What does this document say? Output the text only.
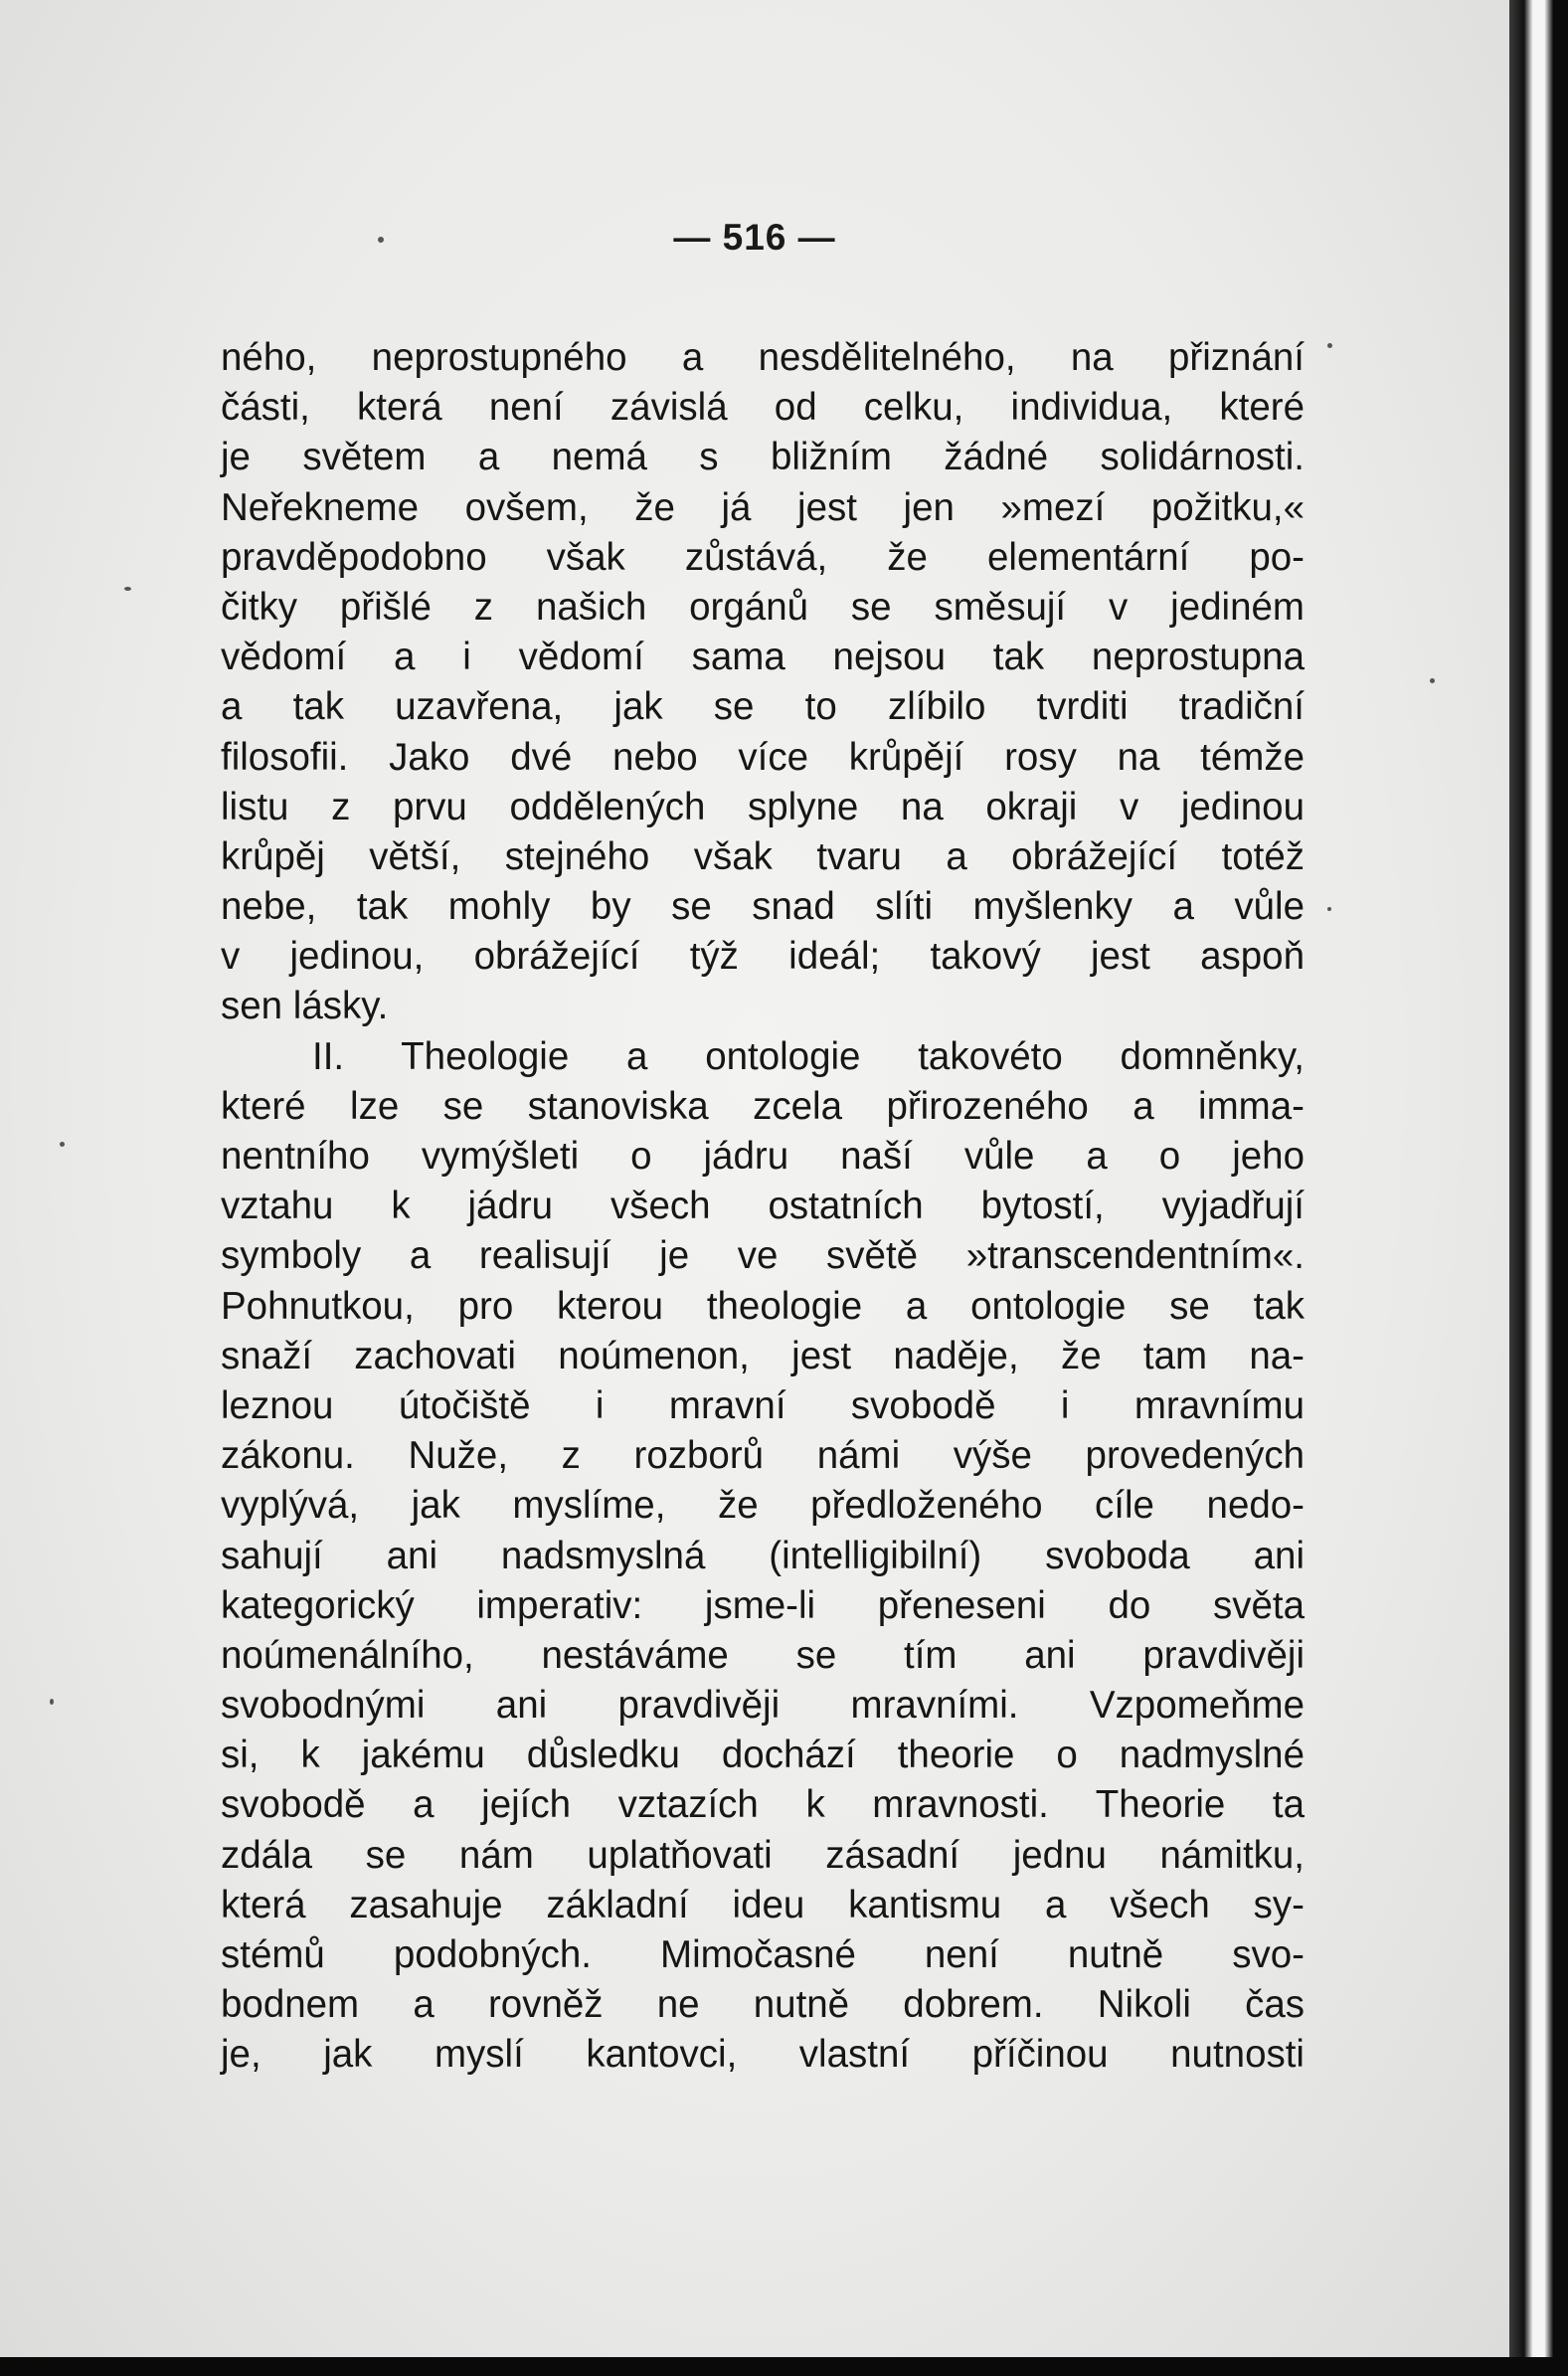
— 516 —
ného, neprostupného a nesdělitelného, na přiznání
části, která není závislá od celku, individua, které
je světem a nemá s bližním žádné solidárnosti.
Neřekneme ovšem, že já jest jen »mezí požitku,«
pravděpodobno však zůstává, že elementární po-
čitky přišlé z našich orgánů se směsují v jediném
vědomí a i vědomí sama nejsou tak neprostupna
a tak uzavřena, jak se to zlíbilo tvrditi tradiční
filosofii. Jako dvé nebo více krůpějí rosy na témže
listu z prvu oddělených splyne na okraji v jedinou
krůpěj větší, stejného však tvaru a obrážející totéž
nebe, tak mohly by se snad slíti myšlenky a vůle
v jedinou, obrážející týž ideál; takový jest aspoň
sen lásky.
II. Theologie a ontologie takovéto domněnky,
které lze se stanoviska zcela přirozeného a imma-
nentního vymýšleti o jádru naší vůle a o jeho
vztahu k jádru všech ostatních bytostí, vyjadřují
symboly a realisují je ve světě »transcendentním«.
Pohnutkou, pro kterou theologie a ontologie se tak
snaží zachovati noúmenon, jest naděje, že tam na-
leznou útočiště i mravní svobodě i mravnímu
zákonu. Nuže, z rozborů námi výše provedených
vyplývá, jak myslíme, že předloženého cíle nedo-
sahují ani nadsmyslná (intelligibilní) svoboda ani
kategorický imperativ: jsme-li přeneseni do světa
noúmenálního, nestáváme se tím ani pravdivěji
svobodnými ani pravdivěji mravními. Vzpomeňme
si, k jakému důsledku dochází theorie o nadmyslné
svobodě a jejích vztazích k mravnosti. Theorie ta
zdála se nám uplatňovati zásadní jednu námitku,
která zasahuje základní ideu kantismu a všech sy-
stémů podobných. Mimočasné není nutně svo-
bodnem a rovněž ne nutně dobrem. Nikoli čas
je, jak myslí kantovci, vlastní příčinou nutnosti
